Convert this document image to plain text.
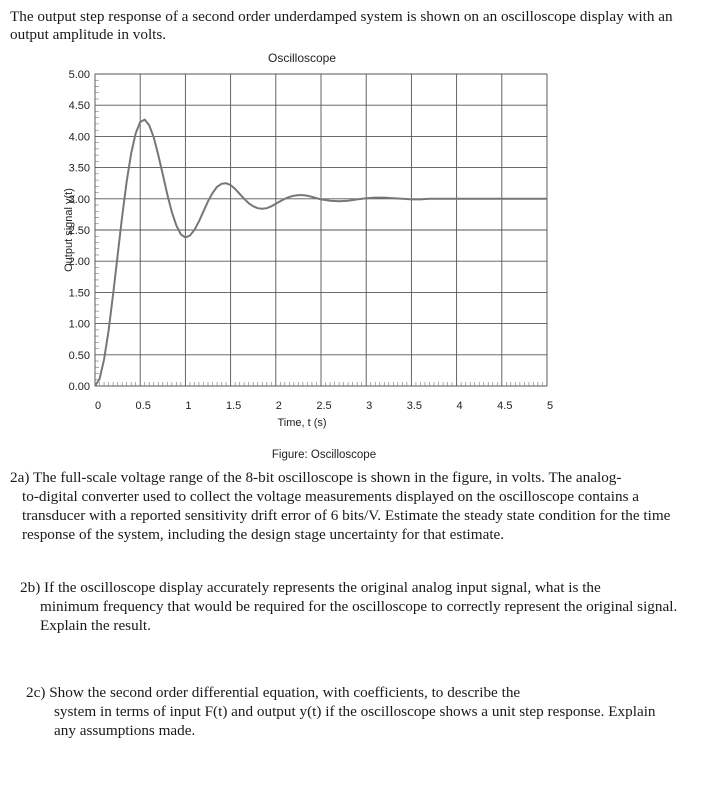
The output step response of a second order underdamped system is shown on an oscilloscope display with an output amplitude in volts.
0.00
0.50
1.00
1.50
2.00
2.50
3.00
3.50
4.00
4.50
5.00
0	0.5	1	1.5	2	2.5	3	3.5	4	4.5	5
Oscilloscope
Time, t (s)
Output signal y(t)
Figure: Oscilloscope
2a) The full-scale voltage range of the 8-bit oscilloscope is shown in the figure, in volts. The analog-
to-digital converter used to collect the voltage measurements displayed on the oscilloscope contains a transducer with a reported sensitivity drift error of 6 bits/V. Estimate the steady state condition for the time response of the system, including the design stage uncertainty for that estimate.
2b) If the oscilloscope display accurately represents the original analog input signal, what is the
minimum frequency that would be required for the oscilloscope to correctly represent the original signal. Explain the result.
2c) Show the second order differential equation, with coefficients, to describe the
system in terms of input F(t) and output y(t) if the oscilloscope shows a unit step response. Explain any assumptions made.
